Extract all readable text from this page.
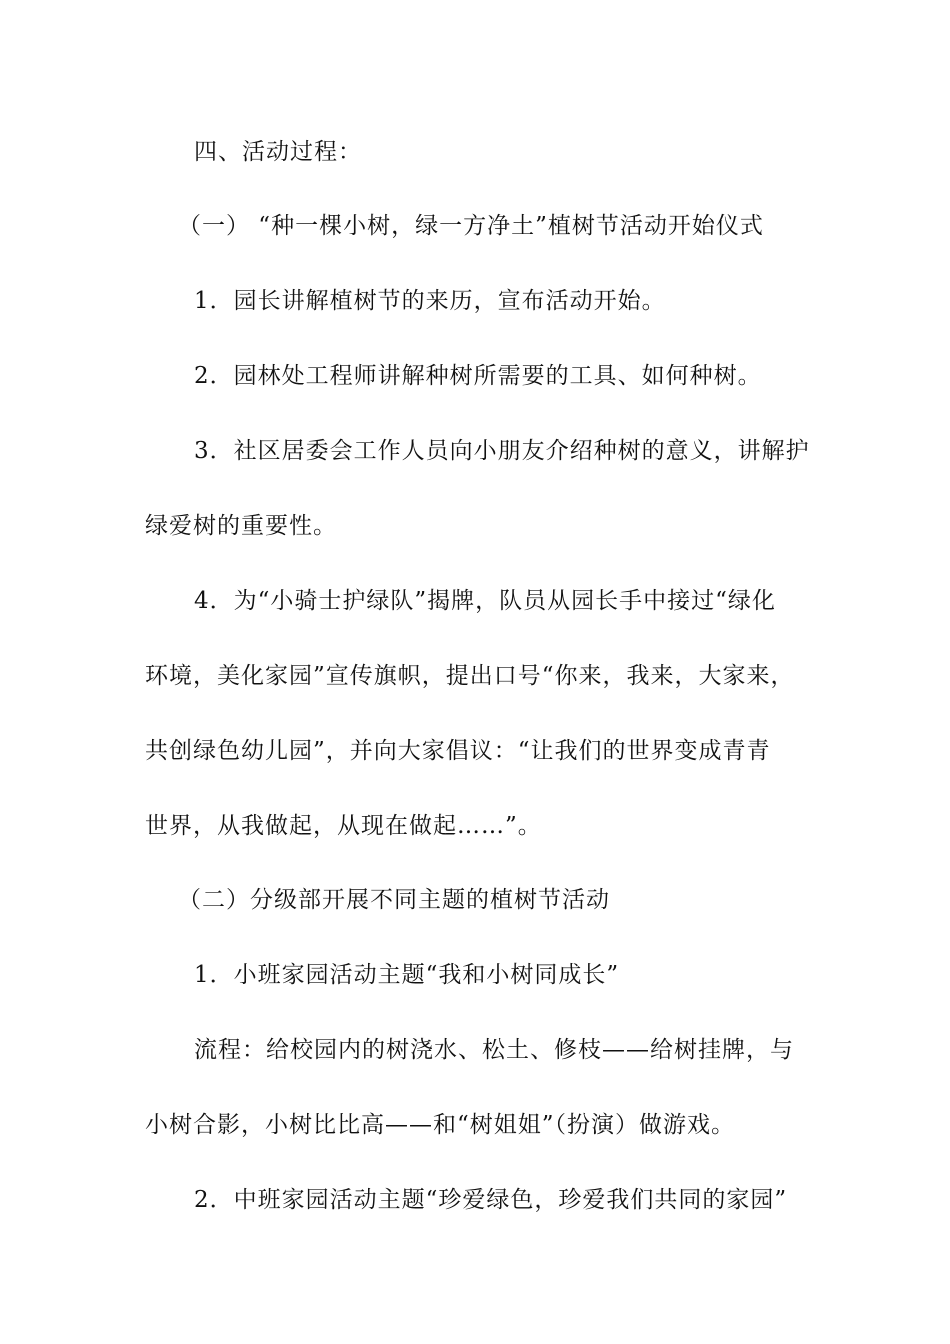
四、活动过程：
（一） “种一棵小树，绿一方净土”植树节活动开始仪式
1．园长讲解植树节的来历，宣布活动开始。
2．园林处工程师讲解种树所需要的工具、如何种树。
3．社区居委会工作人员向小朋友介绍种树的意义，讲解护
绿爱树的重要性。
4．为“小骑士护绿队”揭牌，队员从园长手中接过“绿化
环境，美化家园”宣传旗帜，提出口号“你来，我来，大家来，
共创绿色幼儿园”，并向大家倡议：“让我们的世界变成青青
世界，从我做起，从现在做起……”。
（二）分级部开展不同主题的植树节活动
1．小班家园活动主题“我和小树同成长”
流程：给校园内的树浇水、松土、修枝——给树挂牌，与
小树合影，小树比比高——和“树姐姐”（扮演）做游戏。
2．中班家园活动主题“珍爱绿色，珍爱我们共同的家园”
